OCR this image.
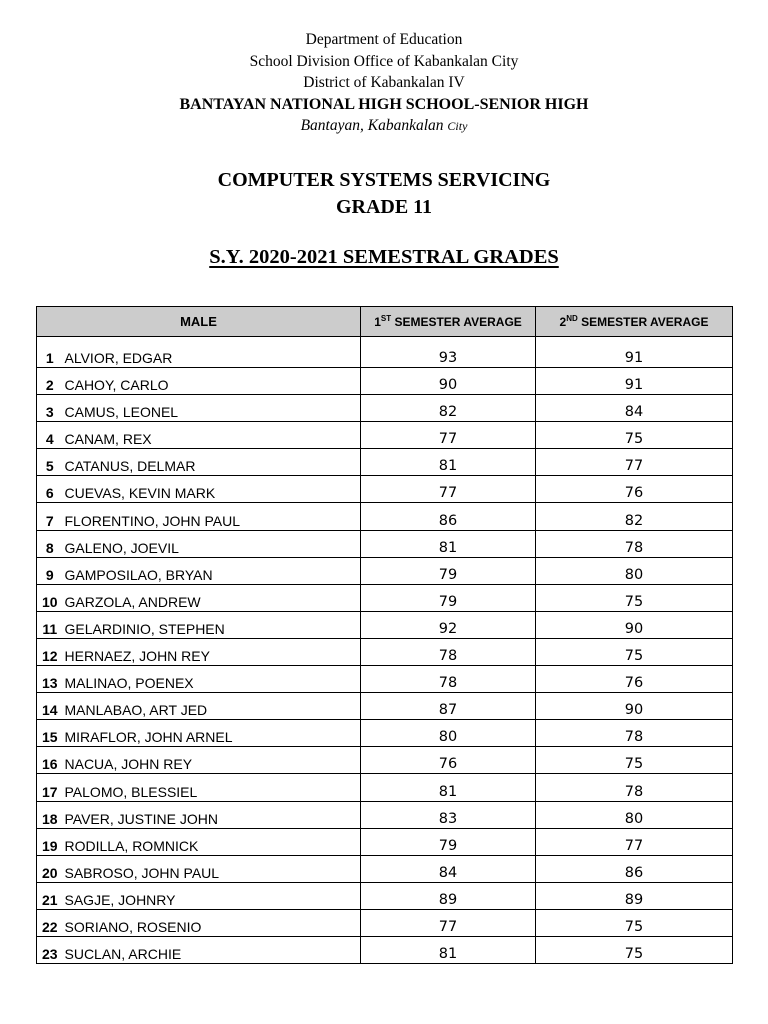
Department of Education
School Division Office of Kabankalan City
District of Kabankalan IV
BANTAYAN NATIONAL HIGH SCHOOL-SENIOR HIGH
Bantayan, Kabankalan City
COMPUTER SYSTEMS SERVICING
GRADE 11
S.Y. 2020-2021 SEMESTRAL GRADES
MALE		1ST SEMESTER AVERAGE	2ND SEMESTER AVERAGE
1	ALVIOR, EDGAR	93	91
2	CAHOY, CARLO	90	91
3	CAMUS, LEONEL	82	84
4	CANAM, REX	77	75
5	CATANUS, DELMAR	81	77
6	CUEVAS, KEVIN MARK	77	76
7	FLORENTINO, JOHN PAUL	86	82
8	GALENO, JOEVIL	81	78
9	GAMPOSILAO, BRYAN	79	80
10	GARZOLA, ANDREW	79	75
11	GELARDINIO, STEPHEN	92	90
12	HERNAEZ, JOHN REY	78	75
13	MALINAO, POENEX	78	76
14	MANLABAO, ART JED	87	90
15	MIRAFLOR, JOHN ARNEL	80	78
16	NACUA, JOHN REY	76	75
17	PALOMO, BLESSIEL	81	78
18	PAVER, JUSTINE JOHN	83	80
19	RODILLA, ROMNICK	79	77
20	SABROSO, JOHN PAUL	84	86
21	SAGJE, JOHNRY	89	89
22	SORIANO, ROSENIO	77	75
23	SUCLAN, ARCHIE	81	75
